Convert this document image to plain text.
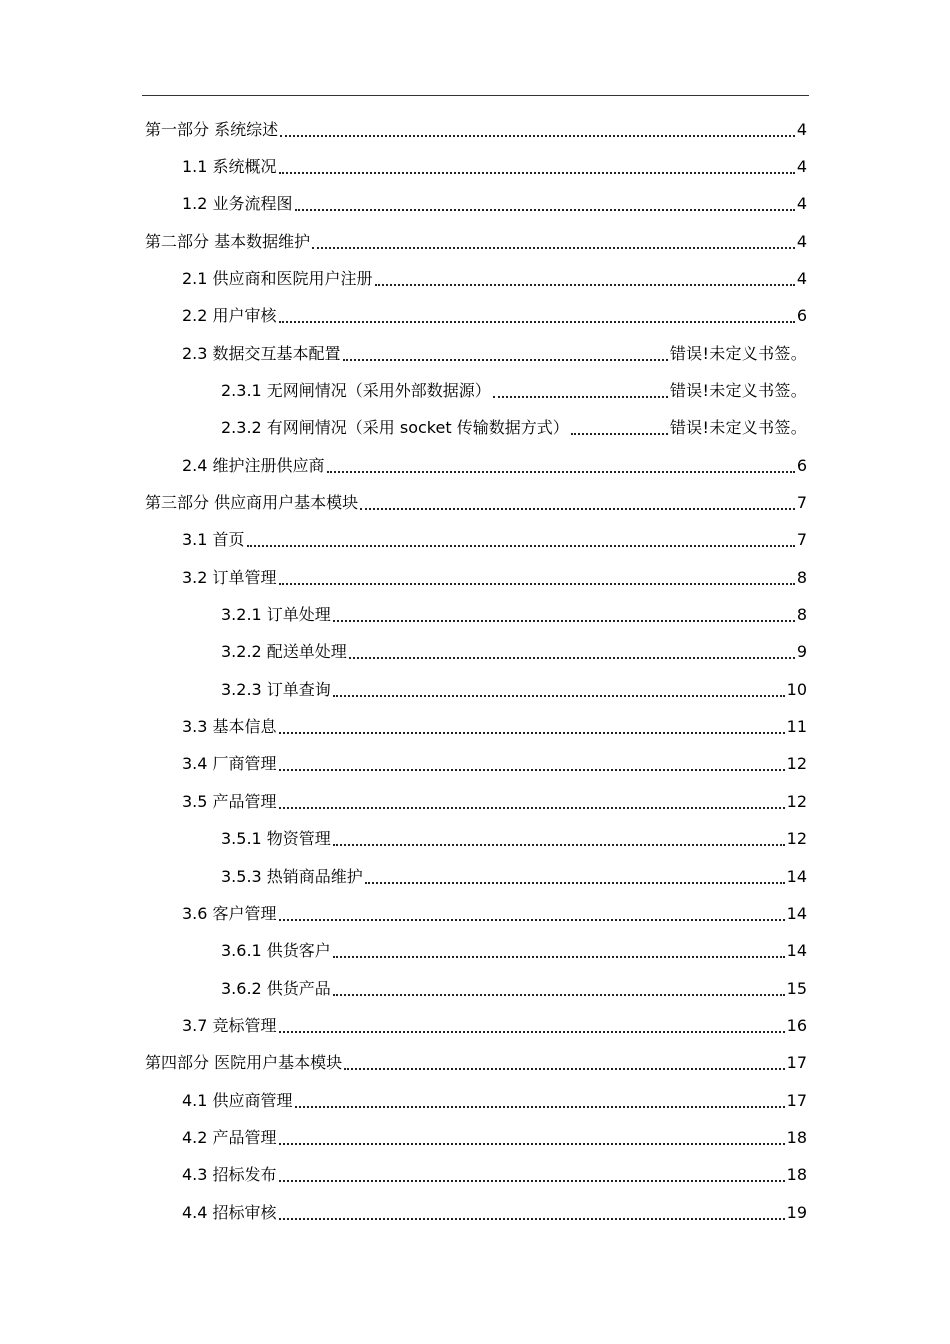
第一部分 系统综述	4
1.1 系统概况	4
1.2 业务流程图	4
第二部分 基本数据维护	4
2.1 供应商和医院用户注册	4
2.2 用户审核	6
2.3 数据交互基本配置	错误!未定义书签。
2.3.1 无网闸情况（采用外部数据源）	错误!未定义书签。
2.3.2 有网闸情况（采用 socket 传输数据方式）	错误!未定义书签。
2.4 维护注册供应商	6
第三部分 供应商用户基本模块	7
3.1 首页	7
3.2 订单管理	8
3.2.1 订单处理	8
3.2.2 配送单处理	9
3.2.3 订单查询	10
3.3 基本信息	11
3.4 厂商管理	12
3.5 产品管理	12
3.5.1 物资管理	12
3.5.3 热销商品维护	14
3.6 客户管理	14
3.6.1 供货客户	14
3.6.2 供货产品	15
3.7 竞标管理	16
第四部分 医院用户基本模块	17
4.1 供应商管理	17
4.2 产品管理	18
4.3 招标发布	18
4.4 招标审核	19
